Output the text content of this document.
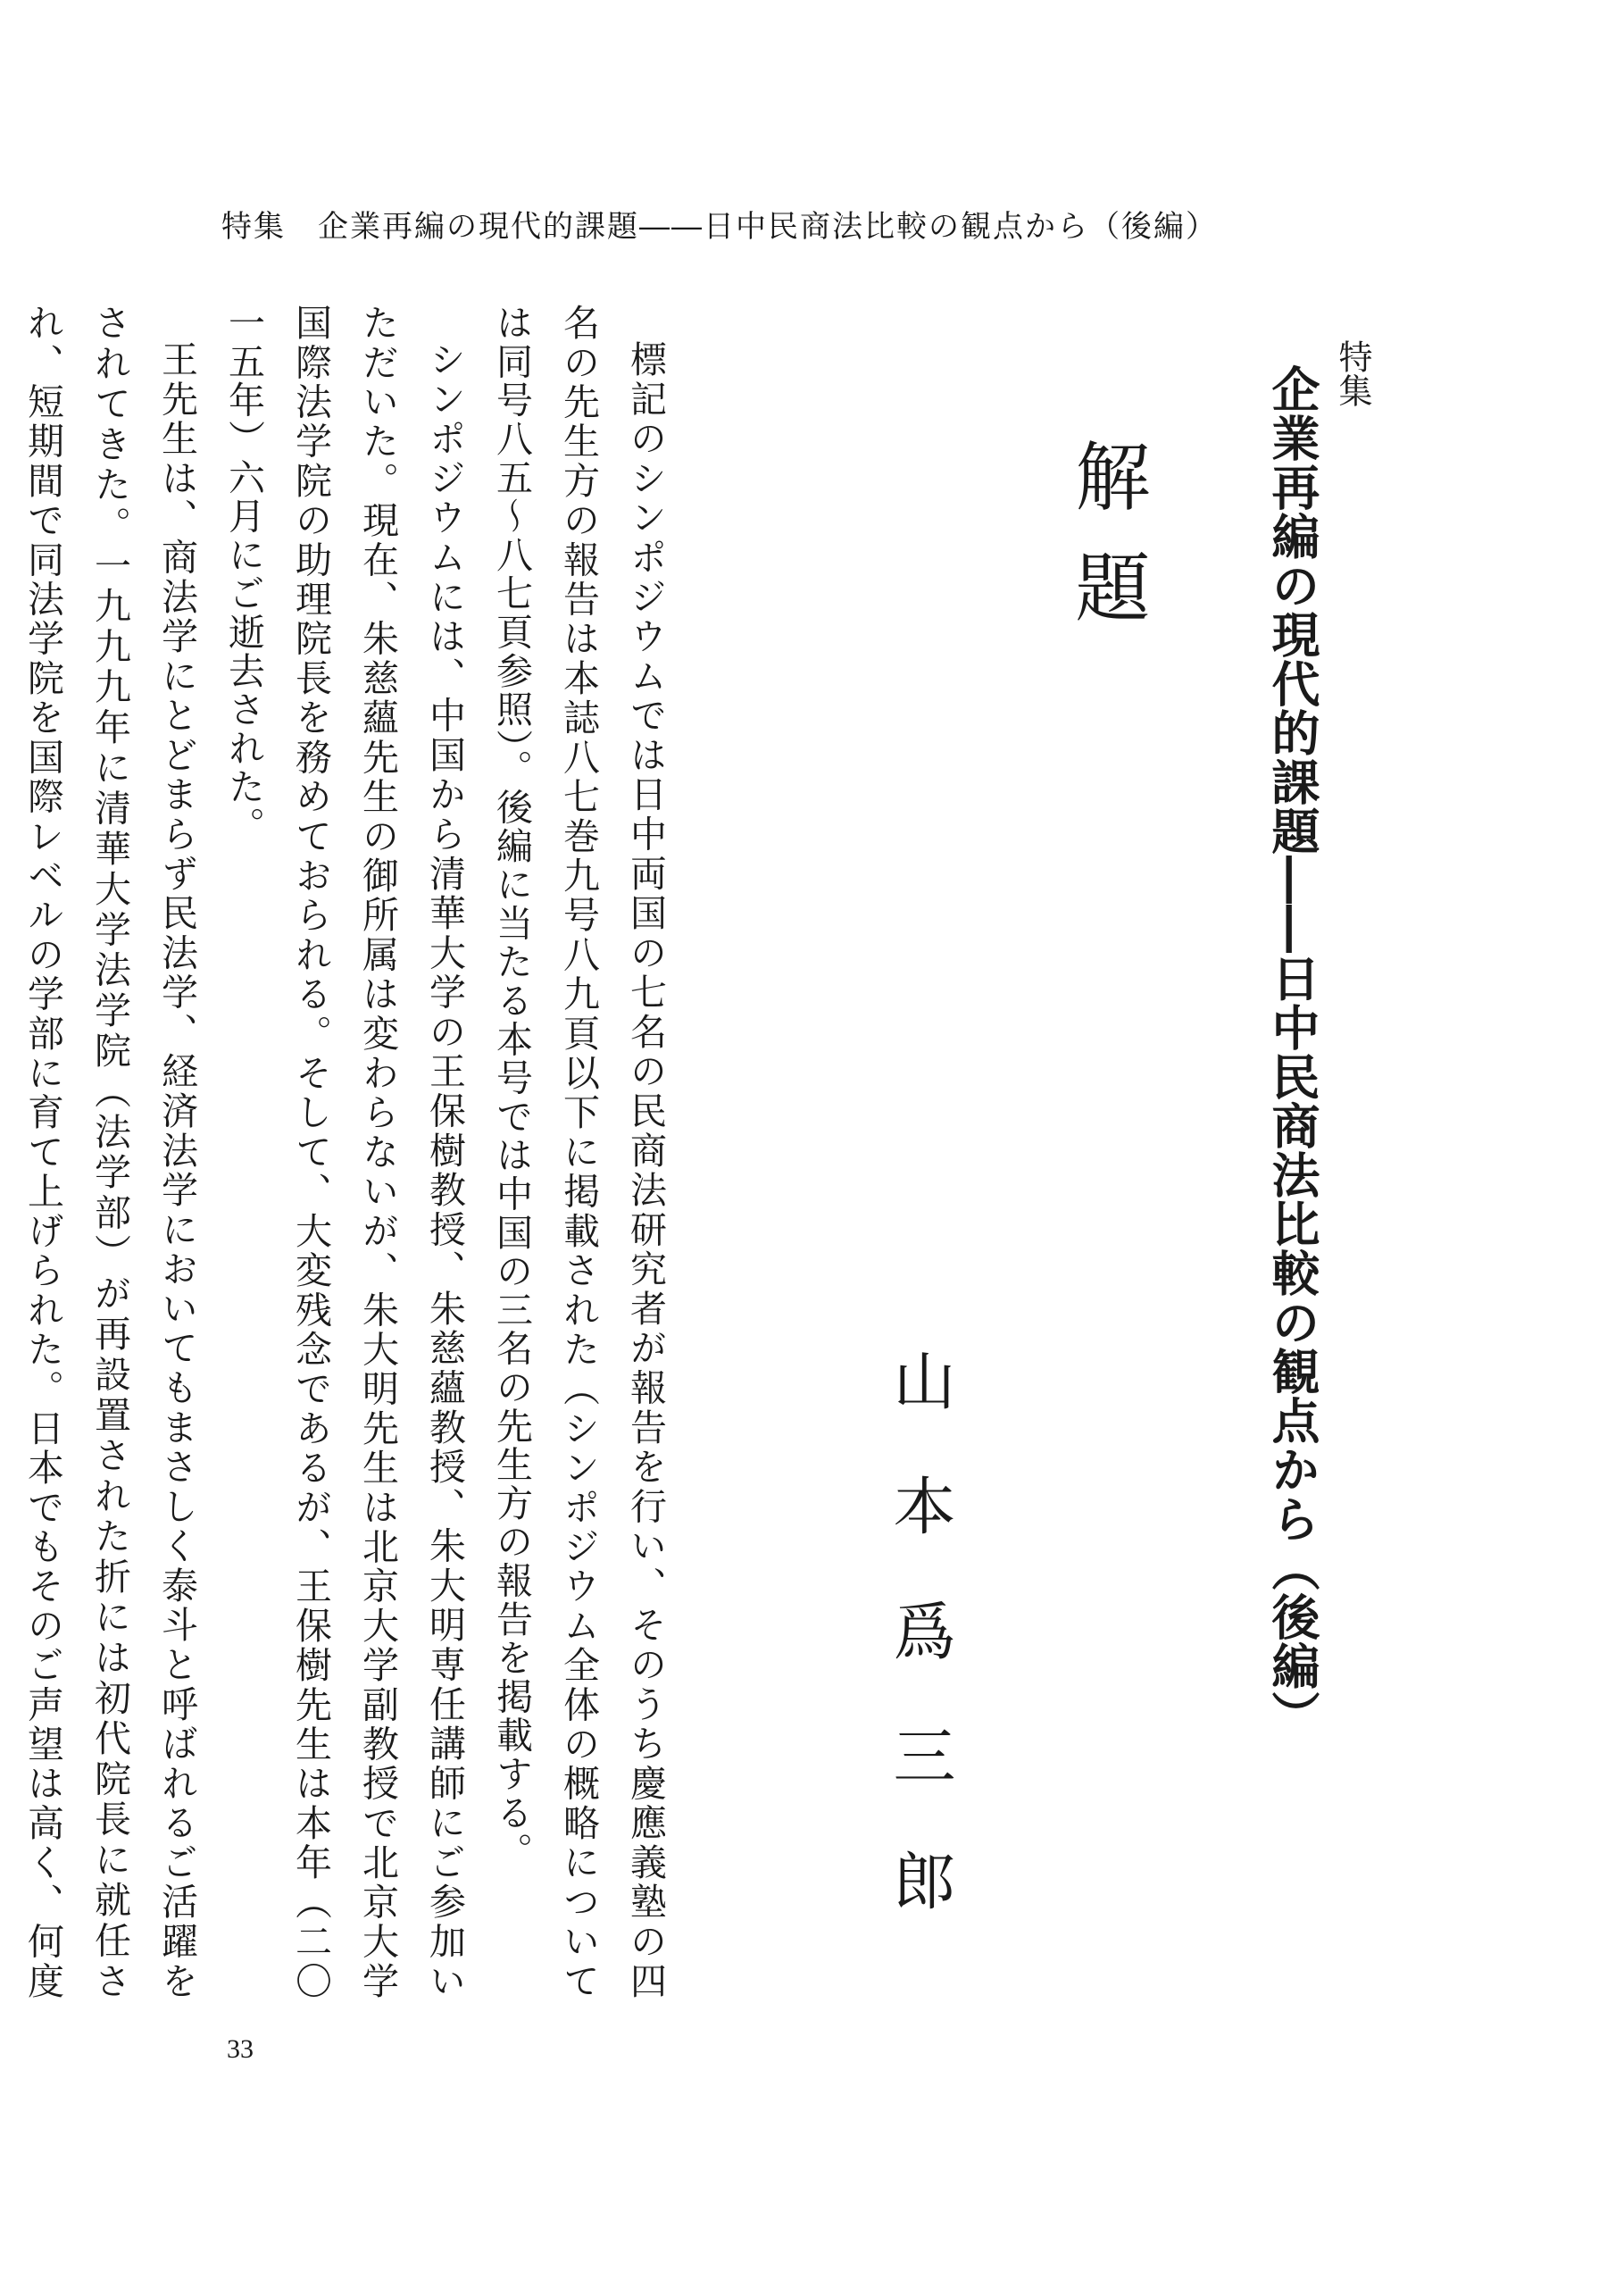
特集　企業再編の現代的課題――日中民商法比較の観点から（後編）
特集
企業再編の現代的課題――日中民商法比較の観点から（後編）
解題
山本爲三郎

標記のシンポジウムでは日中両国の七名の民商法研究者が報告を行い、そのうち慶應義塾の四名の先生方の報告は本誌八七巻九号八九頁以下に掲載された（シンポジウム全体の概略については同号八五～八七頁参照）。後編に当たる本号では中国の三名の先生方の報告を掲載する。

シンポジウムには、中国から清華大学の王保樹教授、朱慈蘊教授、朱大明専任講師にご参加いただいた。現在、朱慈蘊先生の御所属は変わらないが、朱大明先生は北京大学副教授で北京大学国際法学院の助理院長を務めておられる。そして、大変残念であるが、王保樹先生は本年（二〇一五年）六月にご逝去された。

王先生は、商法学にとどまらず民法学、経済法学においてもまさしく泰斗と呼ばれるご活躍をされてきた。一九九九年に清華大学法学院（法学部）が再設置された折には初代院長に就任され、短期間で同法学院を国際レベルの学部に育て上げられた。日本でもそのご声望は高く、何度

33
